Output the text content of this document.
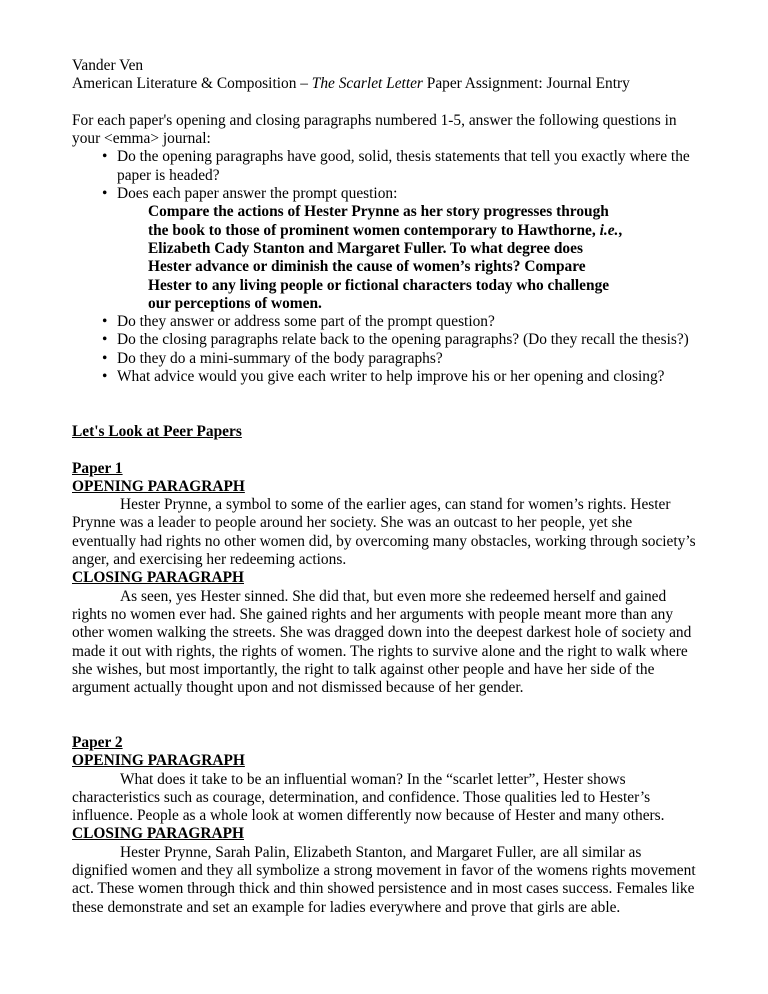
Vander Ven

American Literature & Composition – The Scarlet Letter Paper Assignment: Journal Entry

For each paper's opening and closing paragraphs numbered 1-5, answer the following questions in your <emma> journal:

• Do the opening paragraphs have good, solid, thesis statements that tell you exactly where the paper is headed?
• Does each paper answer the prompt question:
Compare the actions of Hester Prynne as her story progresses through
the book to those of prominent women contemporary to Hawthorne, i.e.,
Elizabeth Cady Stanton and Margaret Fuller. To what degree does
Hester advance or diminish the cause of women’s rights? Compare
Hester to any living people or fictional characters today who challenge
our perceptions of women.
• Do they answer or address some part of the prompt question?
• Do the closing paragraphs relate back to the opening paragraphs? (Do they recall the thesis?)
• Do they do a mini-summary of the body paragraphs?
• What advice would you give each writer to help improve his or her opening and closing?

Let's Look at Peer Papers

Paper 1

OPENING PARAGRAPH

Hester Prynne, a symbol to some of the earlier ages, can stand for women’s rights. Hester Prynne was a leader to people around her society. She was an outcast to her people, yet she eventually had rights no other women did, by overcoming many obstacles, working through society’s anger, and exercising her redeeming actions.

CLOSING PARAGRAPH

As seen, yes Hester sinned. She did that, but even more she redeemed herself and gained rights no women ever had. She gained rights and her arguments with people meant more than any other women walking the streets. She was dragged down into the deepest darkest hole of society and made it out with rights, the rights of women. The rights to survive alone and the right to walk where she wishes, but most importantly, the right to talk against other people and have her side of the argument actually thought upon and not dismissed because of her gender.

Paper 2

OPENING PARAGRAPH

What does it take to be an influential woman? In the “scarlet letter”, Hester shows characteristics such as courage, determination, and confidence. Those qualities led to Hester’s influence. People as a whole look at women differently now because of Hester and many others.

CLOSING PARAGRAPH

Hester Prynne, Sarah Palin, Elizabeth Stanton, and Margaret Fuller, are all similar as dignified women and they all symbolize a strong movement in favor of the womens rights movement act. These women through thick and thin showed persistence and in most cases success. Females like these demonstrate and set an example for ladies everywhere and prove that girls are able.
